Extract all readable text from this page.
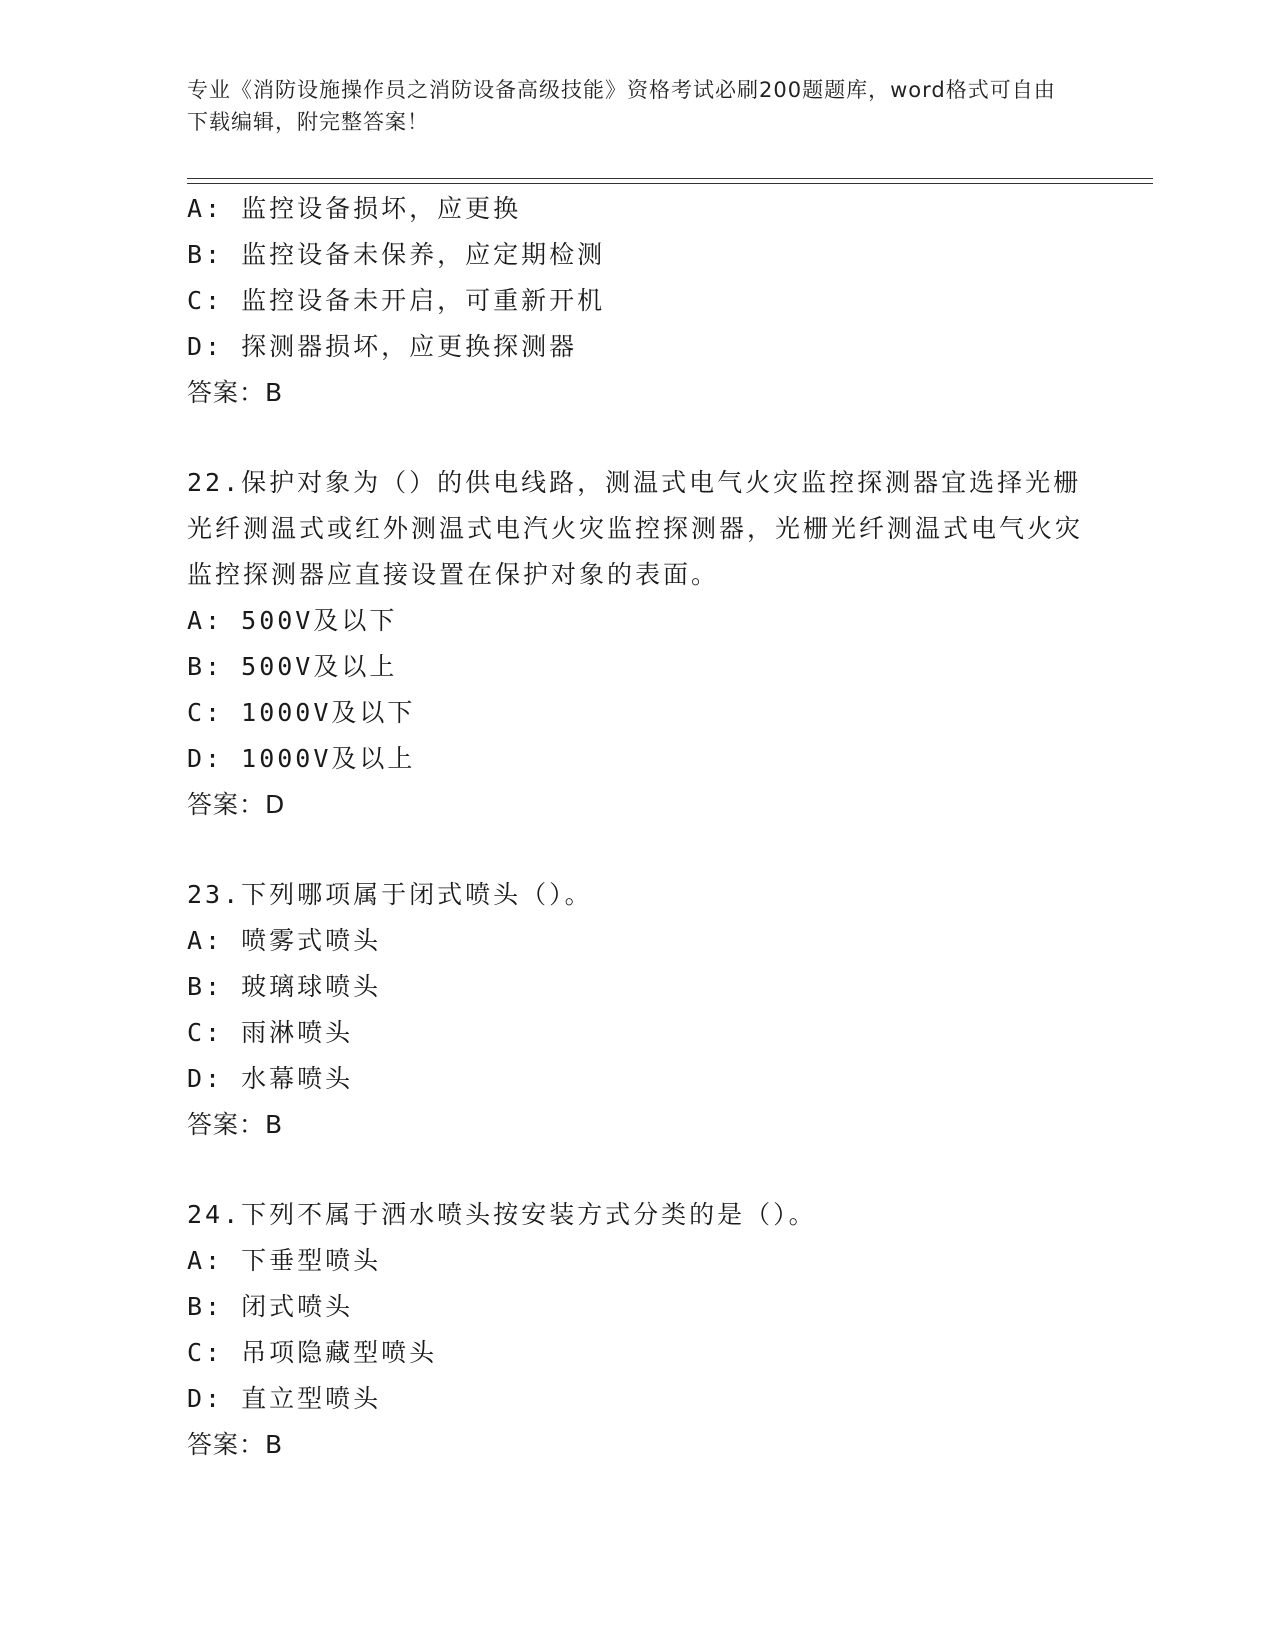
专业《消防设施操作员之消防设备高级技能》资格考试必刷200题题库，word格式可自由下载编辑，附完整答案！
A: 监控设备损坏，应更换
B: 监控设备未保养，应定期检测
C: 监控设备未开启，可重新开机
D: 探测器损坏，应更换探测器
答案：B
22.保护对象为（）的供电线路，测温式电气火灾监控探测器宜选择光栅光纤测温式或红外测温式电汽火灾监控探测器，光栅光纤测温式电气火灾监控探测器应直接设置在保护对象的表面。
A: 500V及以下
B: 500V及以上
C: 1000V及以下
D: 1000V及以上
答案：D
23.下列哪项属于闭式喷头（）。
A: 喷雾式喷头
B: 玻璃球喷头
C: 雨淋喷头
D: 水幕喷头
答案：B
24.下列不属于洒水喷头按安装方式分类的是（）。
A: 下垂型喷头
B: 闭式喷头
C: 吊项隐藏型喷头
D: 直立型喷头
答案：B
